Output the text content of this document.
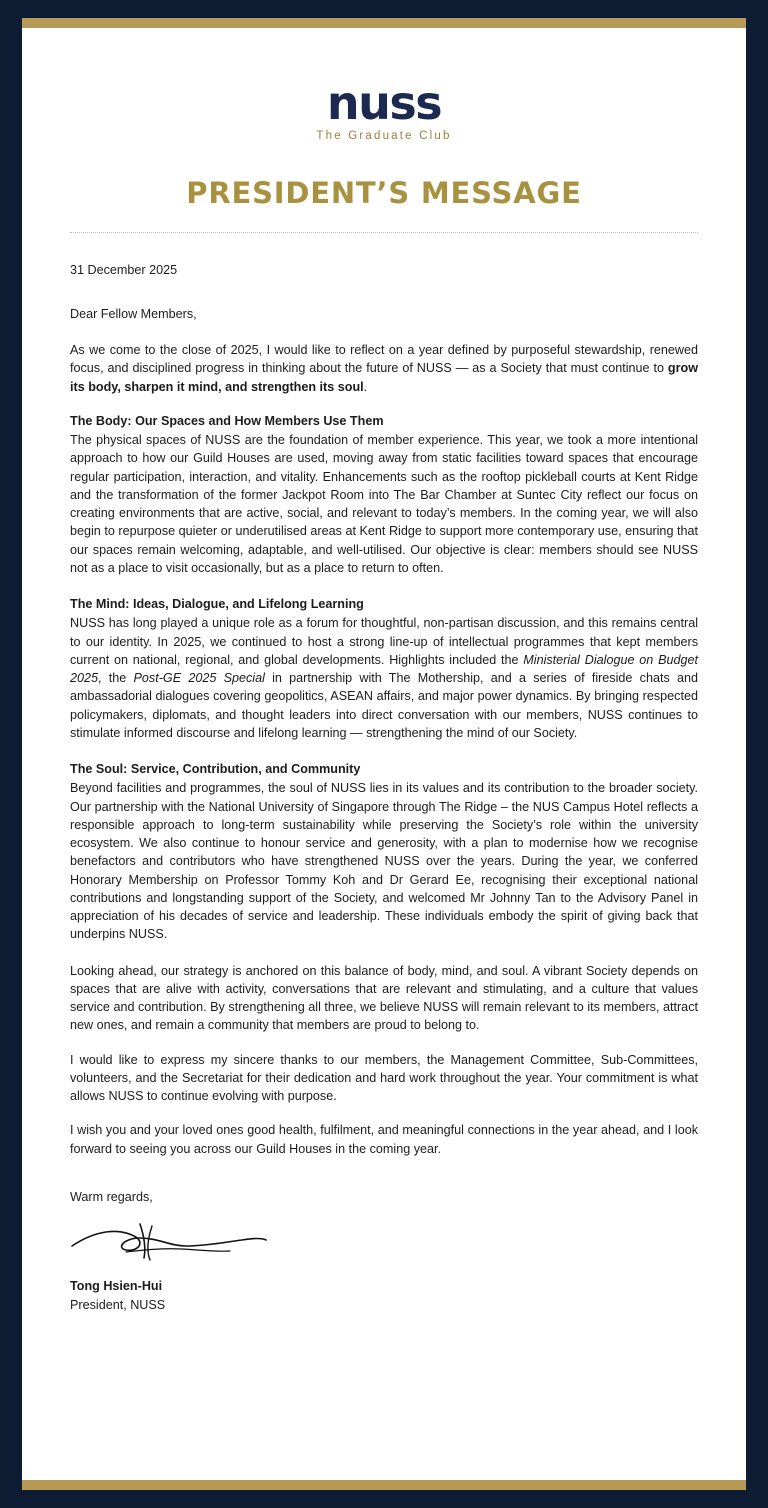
nuss
The Graduate Club
PRESIDENT’S MESSAGE
31 December 2025
Dear Fellow Members,

As we come to the close of 2025, I would like to reflect on a year defined by purposeful stewardship, renewed focus, and disciplined progress in thinking about the future of NUSS — as a Society that must continue to grow its body, sharpen it mind, and strengthen its soul.

The Body: Our Spaces and How Members Use Them

The physical spaces of NUSS are the foundation of member experience. This year, we took a more intentional approach to how our Guild Houses are used, moving away from static facilities toward spaces that encourage regular participation, interaction, and vitality. Enhancements such as the rooftop pickleball courts at Kent Ridge and the transformation of the former Jackpot Room into The Bar Chamber at Suntec City reflect our focus on creating environments that are active, social, and relevant to today’s members. In the coming year, we will also begin to repurpose quieter or underutilised areas at Kent Ridge to support more contemporary use, ensuring that our spaces remain welcoming, adaptable, and well-utilised. Our objective is clear: members should see NUSS not as a place to visit occasionally, but as a place to return to often.

The Mind: Ideas, Dialogue, and Lifelong Learning

NUSS has long played a unique role as a forum for thoughtful, non-partisan discussion, and this remains central to our identity. In 2025, we continued to host a strong line-up of intellectual programmes that kept members current on national, regional, and global developments. Highlights included the Ministerial Dialogue on Budget 2025, the Post-GE 2025 Special in partnership with The Mothership, and a series of fireside chats and ambassadorial dialogues covering geopolitics, ASEAN affairs, and major power dynamics. By bringing respected policymakers, diplomats, and thought leaders into direct conversation with our members, NUSS continues to stimulate informed discourse and lifelong learning — strengthening the mind of our Society.

The Soul: Service, Contribution, and Community

Beyond facilities and programmes, the soul of NUSS lies in its values and its contribution to the broader society. Our partnership with the National University of Singapore through The Ridge – the NUS Campus Hotel reflects a responsible approach to long-term sustainability while preserving the Society’s role within the university ecosystem. We also continue to honour service and generosity, with a plan to modernise how we recognise benefactors and contributors who have strengthened NUSS over the years. During the year, we conferred Honorary Membership on Professor Tommy Koh and Dr Gerard Ee, recognising their exceptional national contributions and longstanding support of the Society, and welcomed Mr Johnny Tan to the Advisory Panel in appreciation of his decades of service and leadership. These individuals embody the spirit of giving back that underpins NUSS.

Looking ahead, our strategy is anchored on this balance of body, mind, and soul. A vibrant Society depends on spaces that are alive with activity, conversations that are relevant and stimulating, and a culture that values service and contribution. By strengthening all three, we believe NUSS will remain relevant to its members, attract new ones, and remain a community that members are proud to belong to.

I would like to express my sincere thanks to our members, the Management Committee, Sub-Committees, volunteers, and the Secretariat for their dedication and hard work throughout the year. Your commitment is what allows NUSS to continue evolving with purpose.

I wish you and your loved ones good health, fulfilment, and meaningful connections in the year ahead, and I look forward to seeing you across our Guild Houses in the coming year.

Warm regards,
Tong Hsien-Hui
President, NUSS
